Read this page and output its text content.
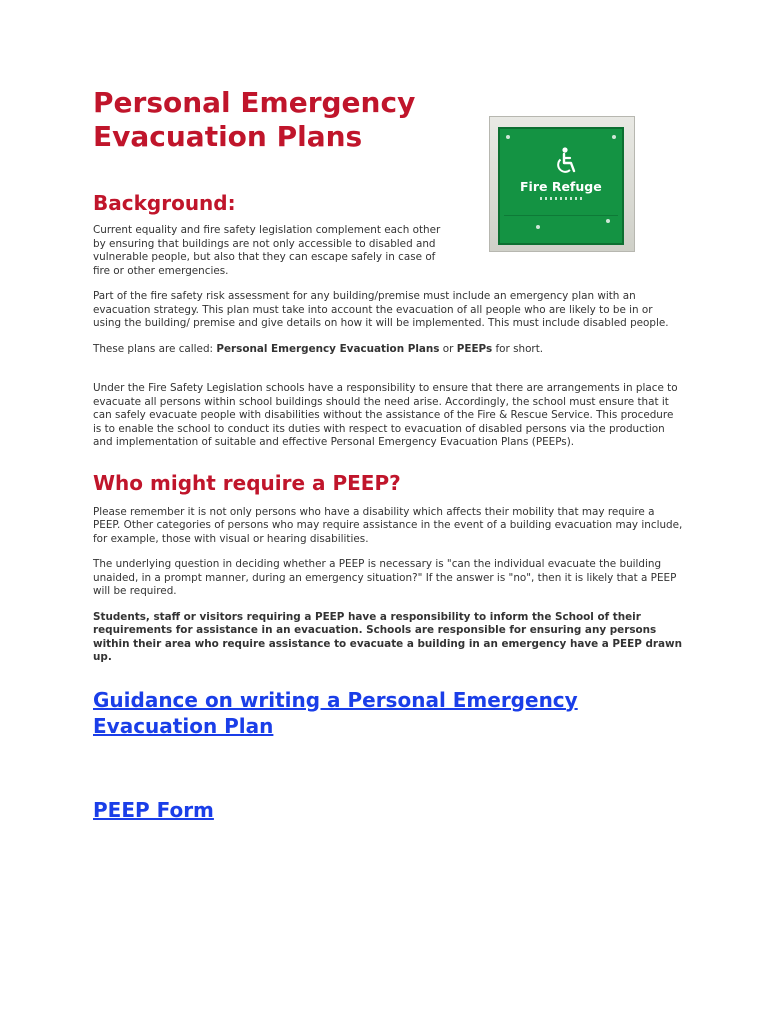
Fire Refuge
Personal Emergency Evacuation Plans
Background:

Current equality and fire safety legislation complement each other by ensuring that buildings are not only accessible to disabled and vulnerable people, but also that they can escape safely in case of fire or other emergencies.

Part of the fire safety risk assessment for any building/premise must include an emergency plan with an evacuation strategy. This plan must take into account the evacuation of all people who are likely to be in or using the building/ premise and give details on how it will be implemented. This must include disabled people.

These plans are called: Personal Emergency Evacuation Plans or PEEPs for short.

Under the Fire Safety Legislation schools have a responsibility to ensure that there are arrangements in place to evacuate all persons within school buildings should the need arise. Accordingly, the school must ensure that it can safely evacuate people with disabilities without the assistance of the Fire & Rescue Service. This procedure is to enable the school to conduct its duties with respect to evacuation of disabled persons via the production and implementation of suitable and effective Personal Emergency Evacuation Plans (PEEPs).

Who might require a PEEP?

Please remember it is not only persons who have a disability which affects their mobility that may require a PEEP. Other categories of persons who may require assistance in the event of a building evacuation may include, for example, those with visual or hearing disabilities.

The underlying question in deciding whether a PEEP is necessary is "can the individual evacuate the building unaided, in a prompt manner, during an emergency situation?" If the answer is "no", then it is likely that a PEEP will be required.

Students, staff or visitors requiring a PEEP have a responsibility to inform the School of their requirements for assistance in an evacuation. Schools are responsible for ensuring any persons within their area who require assistance to evacuate a building in an emergency have a PEEP drawn up.

Guidance on writing a Personal Emergency Evacuation Plan
PEEP Form
